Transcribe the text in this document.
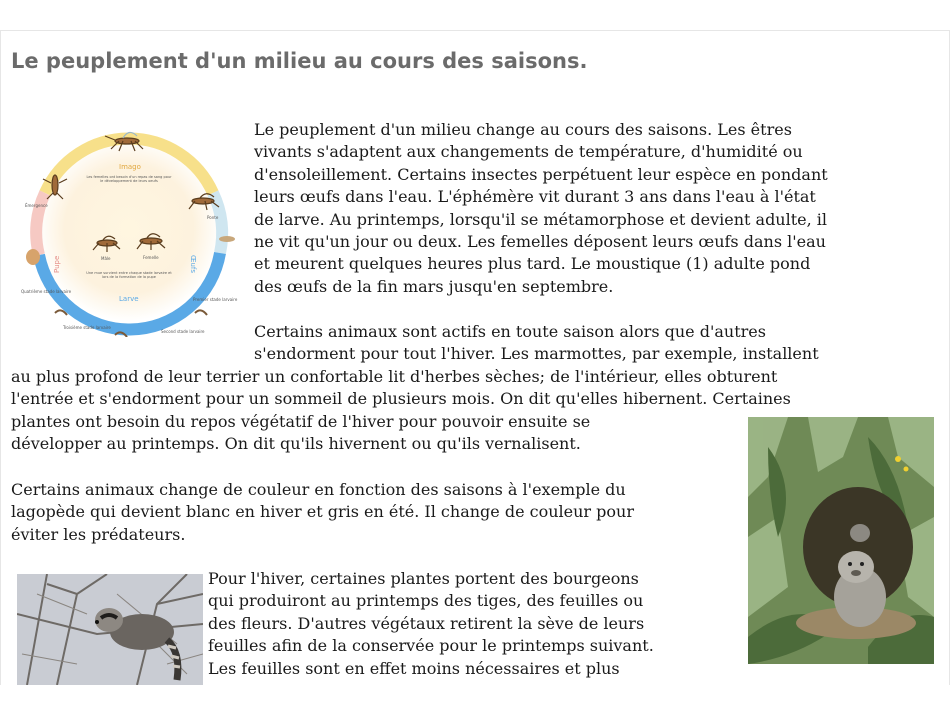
Le peuplement d'un milieu au cours des saisons.
Imago
Œufs
Larve
Pupe
Émergence
Ponte
Mâle	Femelle
Quatrième stade larvaire
Premier stade larvaire
Troisième stade larvaire
Second stade larvaire
Les femelles ont besoin d'un repas de sang pour le développement de leurs oeufs
Une mue survient entre chaque stade larvaire et lors de la formation de la pupe
Le peuplement d'un milieu change au cours des saisons. Les êtres
vivants s'adaptent aux changements de température, d'humidité ou
d'ensoleillement. Certains insectes perpétuent leur espèce en pondant
leurs œufs dans l'eau. L'éphémère vit durant 3 ans dans l'eau à l'état
de larve. Au printemps, lorsqu'il se métamorphose et devient adulte, il
ne vit qu'un jour ou deux. Les femelles déposent leurs œufs dans l'eau
et meurent quelques heures plus tard. Le moustique (1) adulte pond
des œufs de la fin mars jusqu'en septembre.
Certains animaux sont actifs en toute saison alors que d'autres
s'endorment pour tout l'hiver. Les marmottes, par exemple, installent
au plus profond de leur terrier un confortable lit d'herbes sèches; de l'intérieur, elles obturent
l'entrée et s'endorment pour un sommeil de plusieurs mois. On dit qu'elles hibernent. Certaines
plantes ont besoin du repos végétatif de l'hiver pour pouvoir ensuite se
développer au printemps. On dit qu'ils hivernent ou qu'ils vernalisent.
Certains animaux change de couleur en fonction des saisons à l'exemple du
lagopède qui devient blanc en hiver et gris en été. Il change de couleur pour
éviter les prédateurs.
Pour l'hiver, certaines plantes portent des bourgeons
qui produiront au printemps des tiges, des feuilles ou
des fleurs. D'autres végétaux retirent la sève de leurs
feuilles afin de la conservée pour le printemps suivant.
Les feuilles sont en effet moins nécessaires et plus
